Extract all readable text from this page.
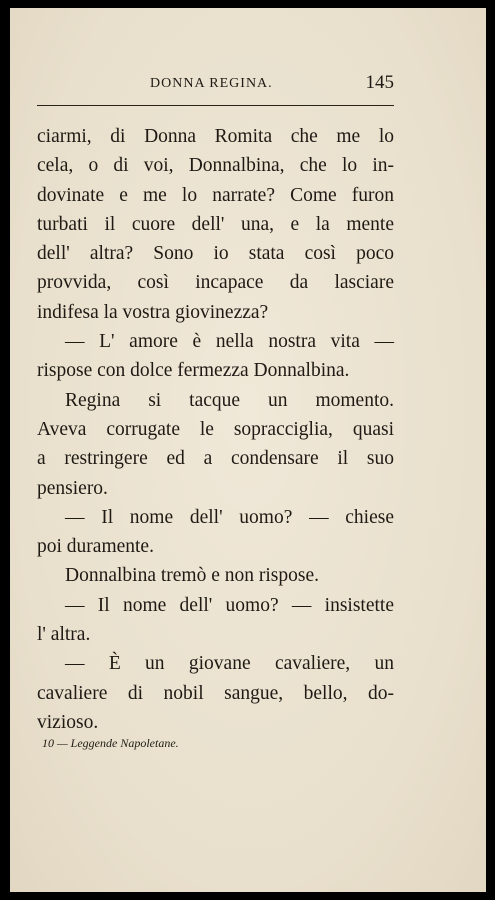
DONNA REGINA.	145
ciarmi, di Donna Romita che me lo
cela, o di voi, Donnalbina, che lo in-
dovinate e me lo narrate? Come furon
turbati il cuore dell' una, e la mente
dell' altra? Sono io stata così poco
provvida, così incapace da lasciare
indifesa la vostra giovinezza?
— L' amore è nella nostra vita —
rispose con dolce fermezza Donnalbina.
Regina si tacque un momento.
Aveva corrugate le sopracciglia, quasi
a restringere ed a condensare il suo
pensiero.
— Il nome dell' uomo? — chiese
poi duramente.
Donnalbina tremò e non rispose.
— Il nome dell' uomo? — insistette
l' altra.
— È un giovane cavaliere, un
cavaliere di nobil sangue, bello, do-
vizioso.
10 — Leggende Napoletane.
